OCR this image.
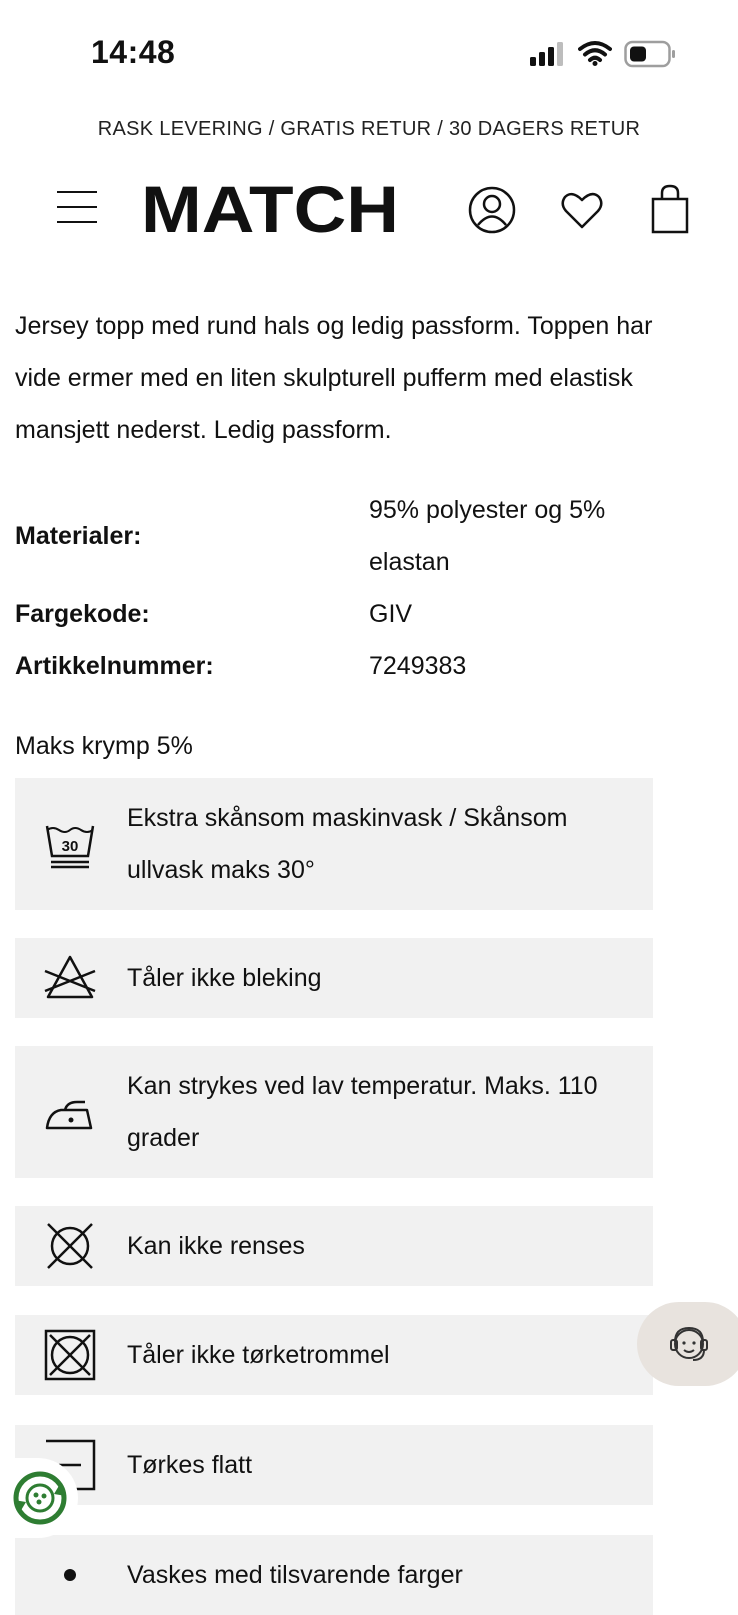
14:48
RASK LEVERING / GRATIS RETUR / 30 DAGERS RETUR
MATCH
Jersey topp med rund hals og ledig passform. Toppen har vide ermer med en liten skulpturell pufferm med elastisk mansjett nederst. Ledig passform.
Materialer:
95% polyester og 5% elastan
Fargekode:	GIV
Artikkelnummer:	7249383
Maks krymp 5%
30
Ekstra skånsom maskinvask / Skånsom ullvask maks 30°
Tåler ikke bleking
Kan strykes ved lav temperatur. Maks. 110 grader
Kan ikke renses
Tåler ikke tørketrommel
Tørkes flatt
Vaskes med tilsvarende farger
